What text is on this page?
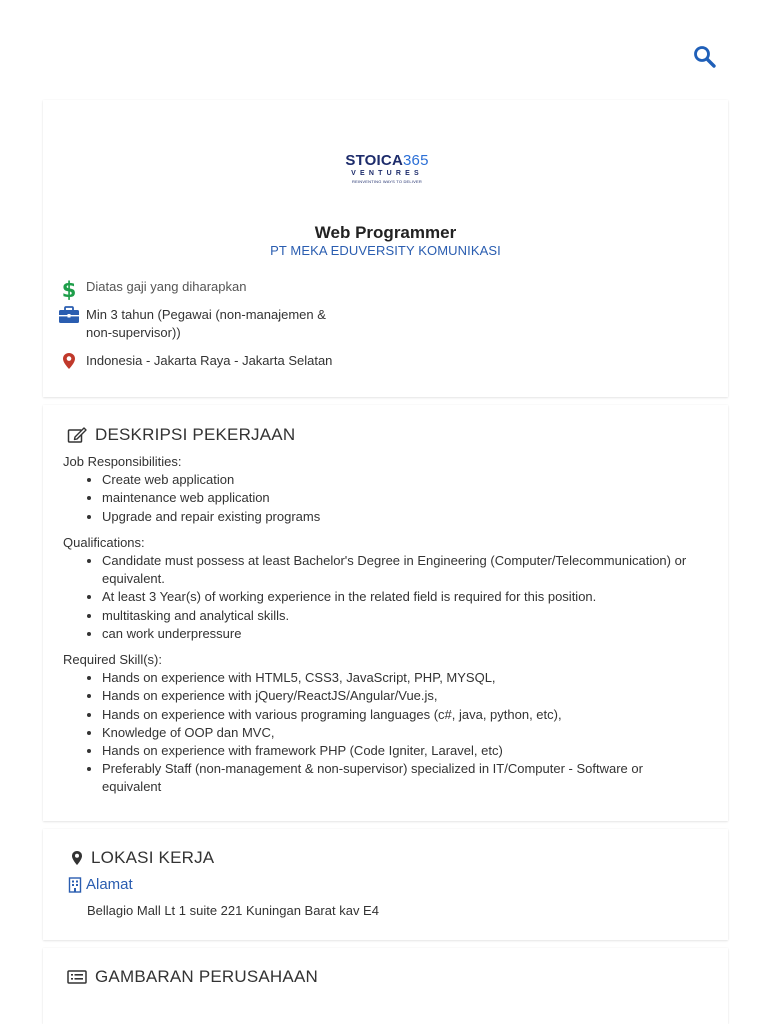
STOICA365
VENTURES
REINVENTING WAYS TO DELIVER
Web Programmer
PT MEKA EDUVERSITY KOMUNIKASI
$ Diatas gaji yang diharapkan
Min 3 tahun (Pegawai (non-manajemen & non-supervisor))
Indonesia - Jakarta Raya - Jakarta Selatan
DESKRIPSI PEKERJAAN
Job Responsibilities:
• Create web application
• maintenance web application
• Upgrade and repair existing programs
Qualifications:
• Candidate must possess at least Bachelor's Degree in Engineering (Computer/Telecommunication) or equivalent.
• At least 3 Year(s) of working experience in the related field is required for this position.
• multitasking and analytical skills.
• can work underpressure
Required Skill(s):
• Hands on experience with HTML5, CSS3, JavaScript, PHP, MYSQL,
• Hands on experience with jQuery/ReactJS/Angular/Vue.js,
• Hands on experience with various programing languages (c#, java, python, etc),
• Knowledge of OOP dan MVC,
• Hands on experience with framework PHP (Code Igniter, Laravel, etc)
• Preferably Staff (non-management & non-supervisor) specialized in IT/Computer - Software or equivalent
LOKASI KERJA
Alamat
Bellagio Mall Lt 1 suite 221 Kuningan Barat kav E4
GAMBARAN PERUSAHAAN
